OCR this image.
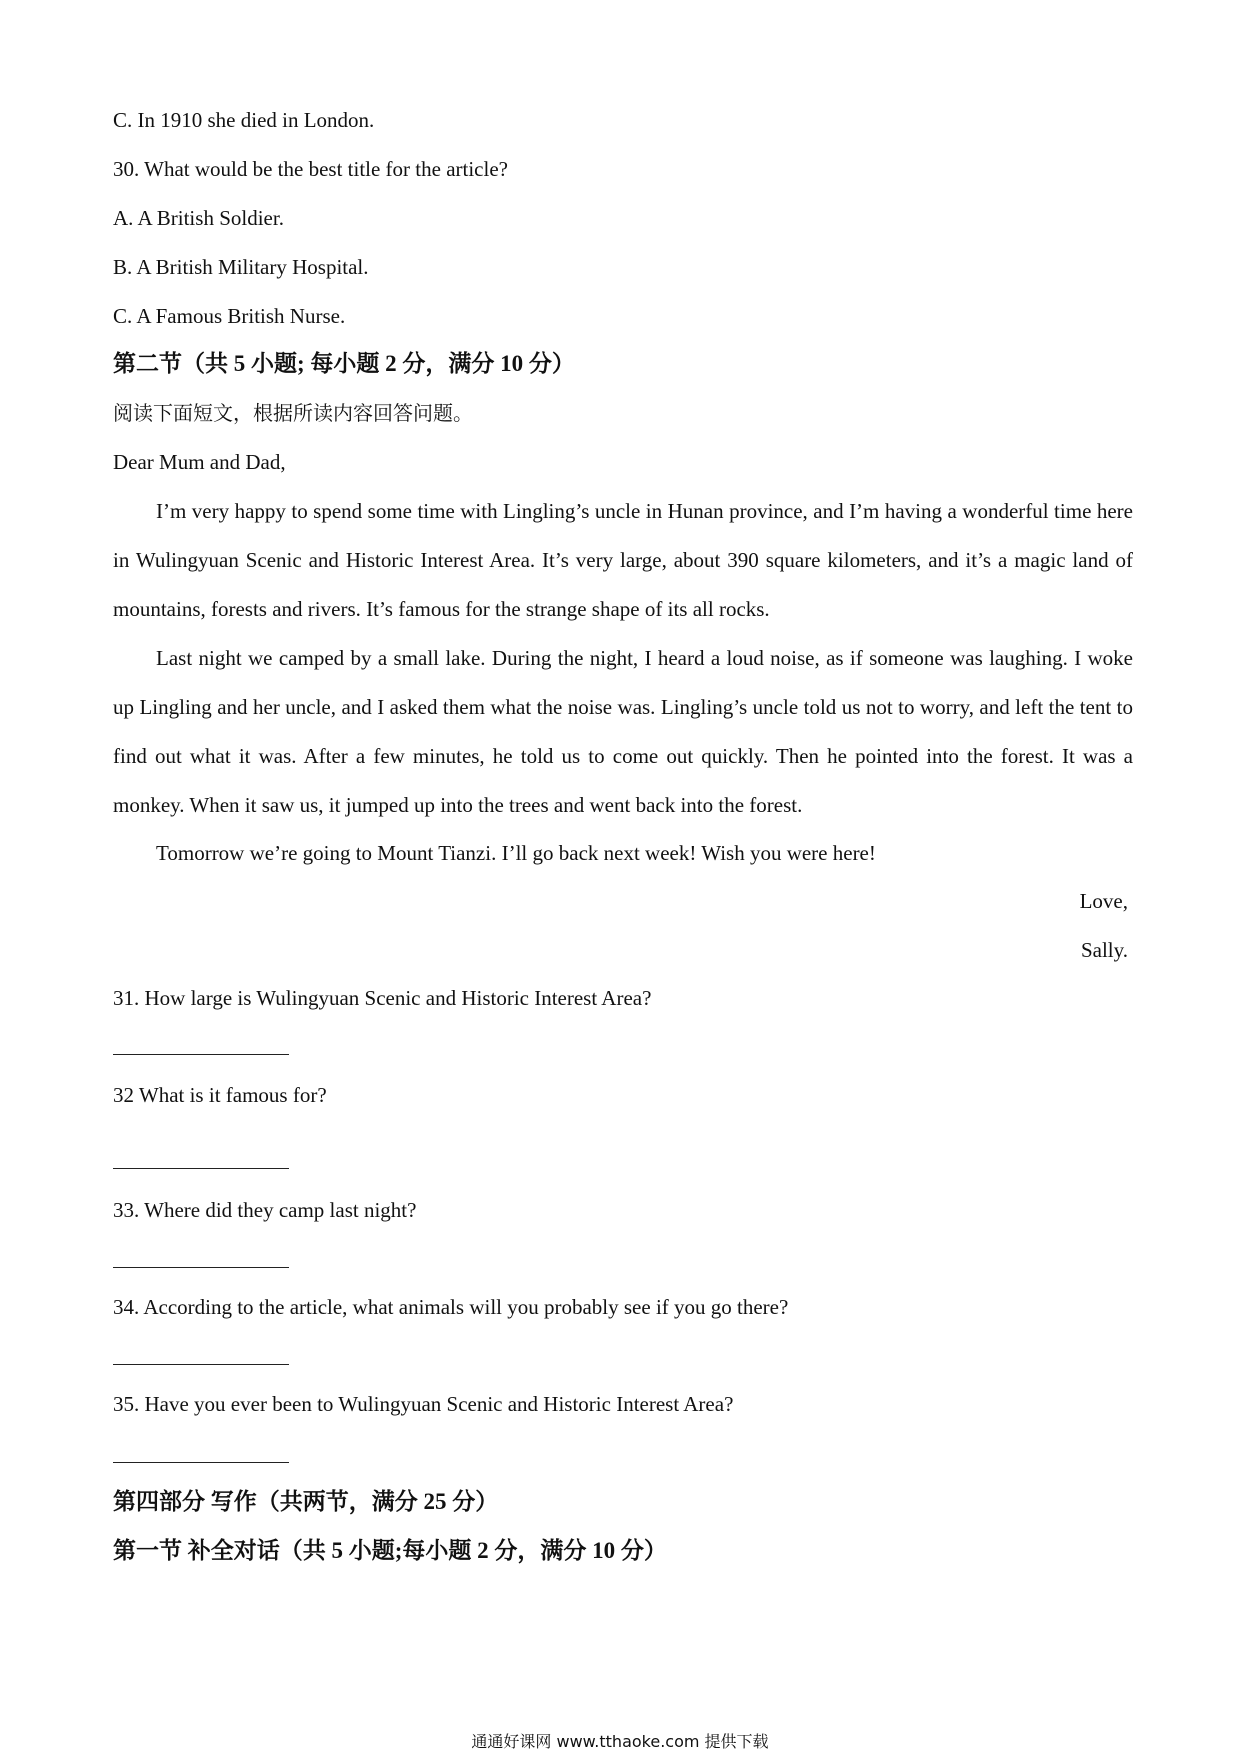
C. In 1910 she died in London.
30. What would be the best title for the article?
A. A British Soldier.
B. A British Military Hospital.
C. A Famous British Nurse.
第二节（共 5 小题; 每小题 2 分，满分 10 分）
阅读下面短文，根据所读内容回答问题。
Dear Mum and Dad,
I’m very happy to spend some time with Lingling’s uncle in Hunan province, and I’m having a wonderful time here in Wulingyuan Scenic and Historic Interest Area. It’s very large, about 390 square kilometers, and it’s a magic land of mountains, forests and rivers. It’s famous for the strange shape of its all rocks.
Last night we camped by a small lake. During the night, I heard a loud noise, as if someone was laughing. I woke up Lingling and her uncle, and I asked them what the noise was. Lingling’s uncle told us not to worry, and left the tent to find out what it was. After a few minutes, he told us to come out quickly. Then he pointed into the forest. It was a monkey. When it saw us, it jumped up into the trees and went back into the forest.
Tomorrow we’re going to Mount Tianzi. I’ll go back next week! Wish you were here!
Love,
Sally.
31. How large is Wulingyuan Scenic and Historic Interest Area?
32 What is it famous for?
33. Where did they camp last night?
34. According to the article, what animals will you probably see if you go there?
35. Have you ever been to Wulingyuan Scenic and Historic Interest Area?
第四部分 写作（共两节，满分 25 分）
第一节 补全对话（共 5 小题;每小题 2 分，满分 10 分）
通通好课网 www.tthaoke.com 提供下载
